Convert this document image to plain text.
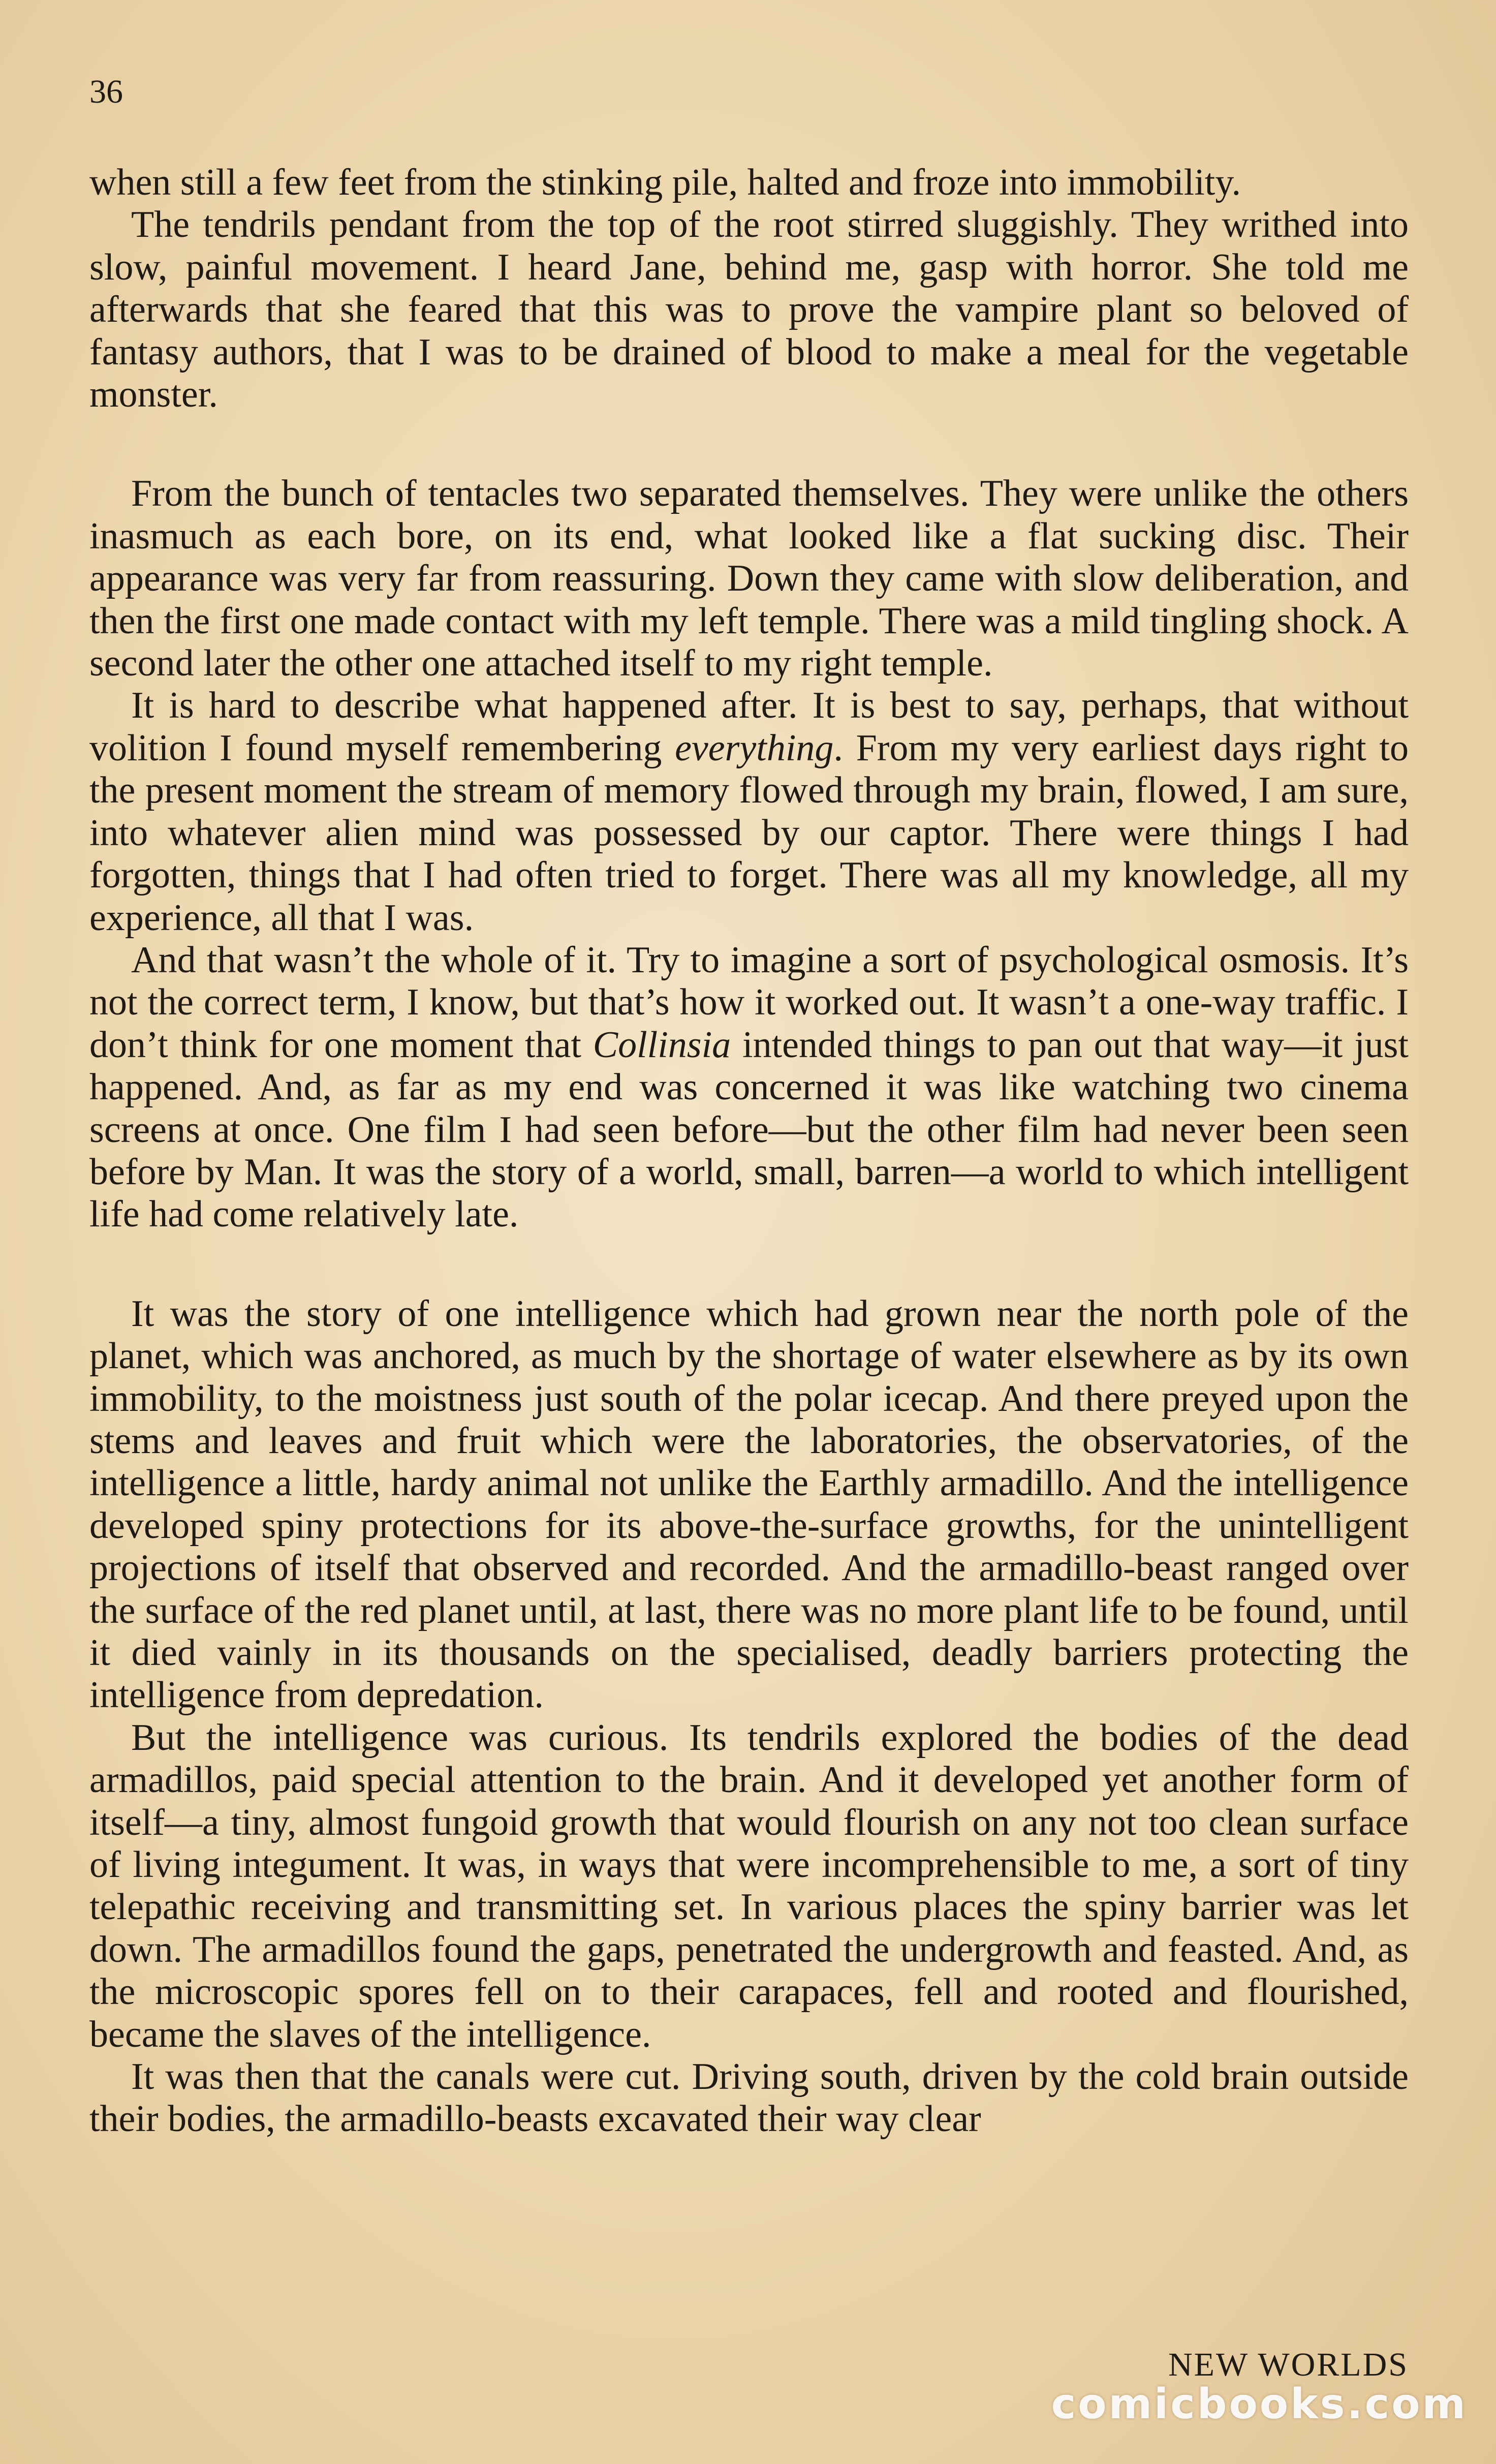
36

when still a few feet from the stinking pile, halted and froze into immobility.

The tendrils pendant from the top of the root stirred sluggishly. They writhed into slow, painful movement. I heard Jane, behind me, gasp with horror. She told me afterwards that she feared that this was to prove the vampire plant so beloved of fantasy authors, that I was to be drained of blood to make a meal for the vegetable monster.

From the bunch of tentacles two separated themselves. They were unlike the others inasmuch as each bore, on its end, what looked like a flat sucking disc. Their appearance was very far from reassuring. Down they came with slow deliberation, and then the first one made contact with my left temple. There was a mild tingling shock. A second later the other one attached itself to my right temple.

It is hard to describe what happened after. It is best to say, perhaps, that without volition I found myself remembering everything. From my very earliest days right to the present moment the stream of memory flowed through my brain, flowed, I am sure, into whatever alien mind was possessed by our captor. There were things I had forgotten, things that I had often tried to forget. There was all my knowledge, all my experience, all that I was.

And that wasn’t the whole of it. Try to imagine a sort of psychological osmosis. It’s not the correct term, I know, but that’s how it worked out. It wasn’t a one-way traffic. I don’t think for one moment that Collinsia intended things to pan out that way—it just happened. And, as far as my end was concerned it was like watching two cinema screens at once. One film I had seen before—but the other film had never been seen before by Man. It was the story of a world, small, barren—a world to which intelligent life had come relatively late.

It was the story of one intelligence which had grown near the north pole of the planet, which was anchored, as much by the shortage of water elsewhere as by its own immobility, to the moistness just south of the polar icecap. And there preyed upon the stems and leaves and fruit which were the laboratories, the observatories, of the intelligence a little, hardy animal not unlike the Earthly armadillo. And the intelligence developed spiny protections for its above-the-surface growths, for the unintelligent projections of itself that observed and recorded. And the armadillo-beast ranged over the surface of the red planet until, at last, there was no more plant life to be found, until it died vainly in its thousands on the specialised, deadly barriers protecting the intelligence from depredation.

But the intelligence was curious. Its tendrils explored the bodies of the dead armadillos, paid special attention to the brain. And it developed yet another form of itself—a tiny, almost fungoid growth that would flourish on any not too clean surface of living integument. It was, in ways that were incomprehensible to me, a sort of tiny telepathic receiving and transmitting set. In various places the spiny barrier was let down. The armadillos found the gaps, penetrated the undergrowth and feasted. And, as the microscopic spores fell on to their carapaces, fell and rooted and flourished, became the slaves of the intelligence.

It was then that the canals were cut. Driving south, driven by the cold brain outside their bodies, the armadillo-beasts excavated their way clear

NEW WORLDS
comicbooks.com
